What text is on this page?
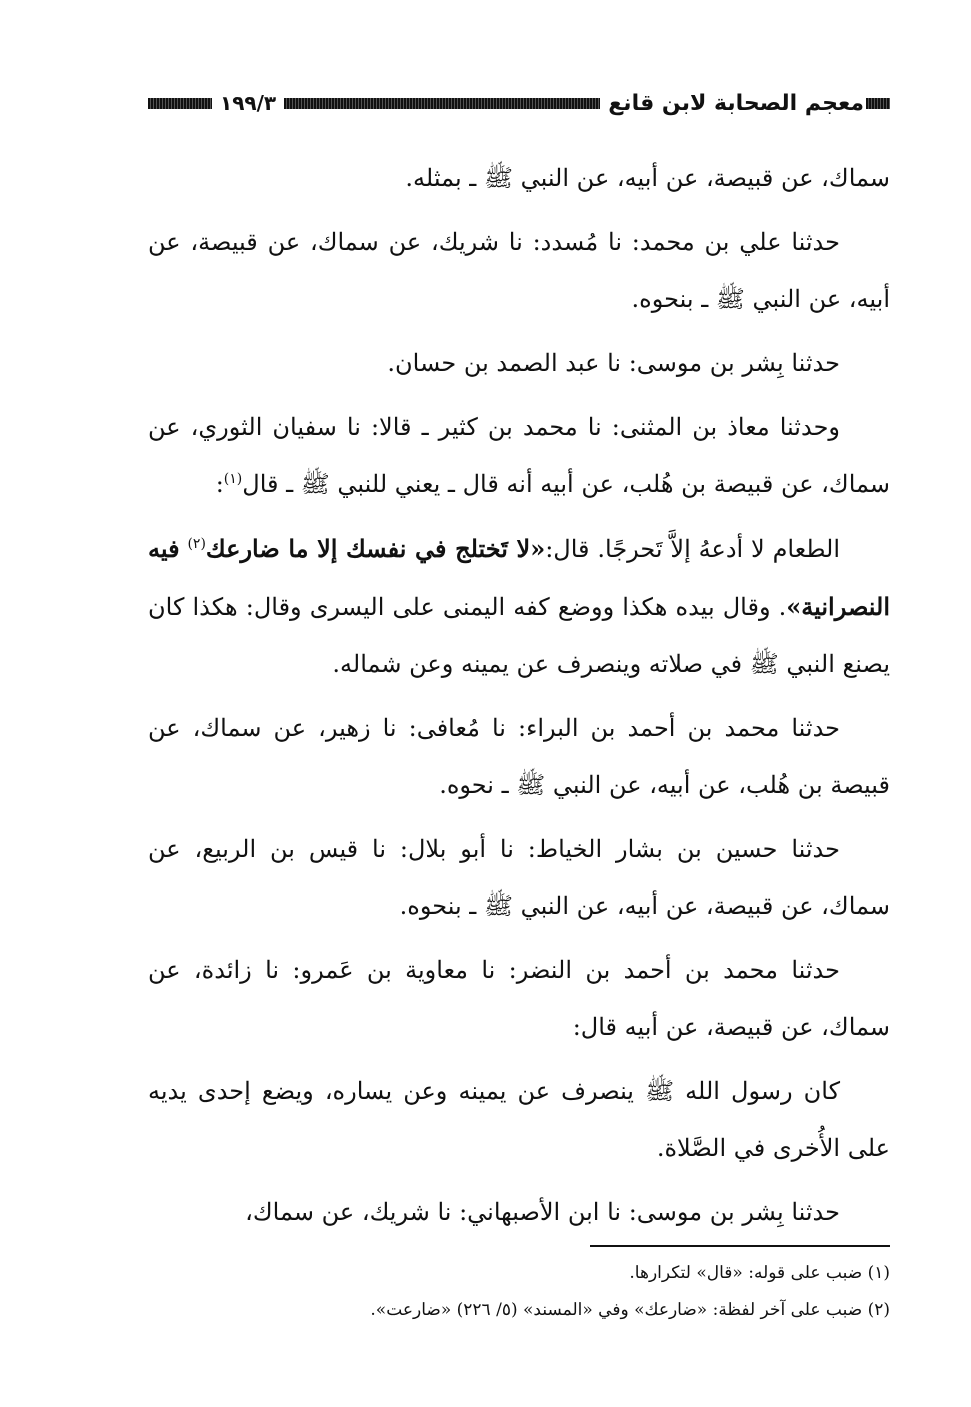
معجم الصحابة لابن قانع
١٩٩/٣

سماك، عن قبيصة، عن أبيه، عن النبي ﷺ ـ بمثله.

حدثنا علي بن محمد: نا مُسدد: نا شريك، عن سماك، عن قبيصة، عن أبيه، عن النبي ﷺ ـ بنحوه.

حدثنا بِشر بن موسى: نا عبد الصمد بن حسان.

وحدثنا معاذ بن المثنى: نا محمد بن كثير ـ قالا: نا سفيان الثوري، عن سماك، عن قبيصة بن هُلب، عن أبيه أنه قال ـ يعني للنبي ﷺ ـ قال$^{(١)}$:

الطعام لا أدعهُ إلاَّ تَحرجًا. قال:«لا تَختلج في نفسك إلا ما ضارعك$^{(٢)}$ فيه النصرانية». وقال بيده هكذا ووضع كفه اليمنى على اليسرى وقال: هكذا كان يصنع النبي ﷺ في صلاته وينصرف عن يمينه وعن شماله.

حدثنا محمد بن أحمد بن البراء: نا مُعافى: نا زهير، عن سماك، عن قبيصة بن هُلب، عن أبيه، عن النبي ﷺ ـ نحوه.

حدثنا حسين بن بشار الخياط: نا أبو بلال: نا قيس بن الربيع، عن سماك، عن قبيصة، عن أبيه، عن النبي ﷺ ـ بنحوه.

حدثنا محمد بن أحمد بن النضر: نا معاوية بن عَمرو: نا زائدة، عن سماك، عن قبيصة، عن أبيه قال:

كان رسول الله ﷺ ينصرف عن يمينه وعن يساره، ويضع إحدى يديه على الأُخرى في الصَّلاة.

حدثنا بِشر بن موسى: نا ابن الأصبهاني: نا شريك، عن سماك،

(١) ضبب على قوله: «قال» لتكرارها.

(٢) ضبب على آخر لفظة: «ضارعك» وفي «المسند» (٥/ ٢٢٦) «ضارعت».
